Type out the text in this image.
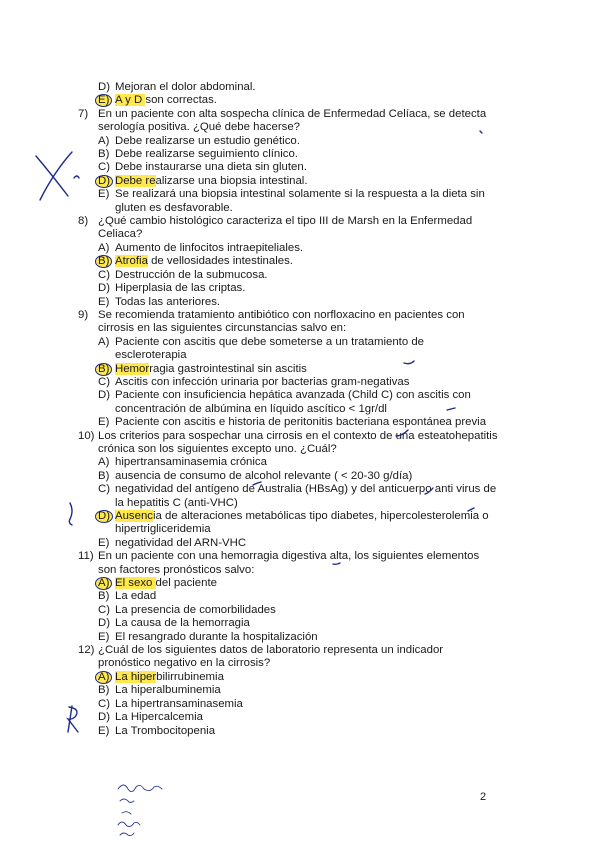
D) Mejoran el dolor abdominal.
E) A y D son correctas.
7) En un paciente con alta sospecha clínica de Enfermedad Celíaca, se detecta serología positiva. ¿Qué debe hacerse?
A) Debe realizarse un estudio genético.
B) Debe realizarse seguimiento clínico.
C) Debe instaurarse una dieta sin gluten.
D) Debe realizarse una biopsia intestinal.
E) Se realizará una biopsia intestinal solamente si la respuesta a la dieta sin gluten es desfavorable.
8) ¿Qué cambio histológico caracteriza el tipo III de Marsh en la Enfermedad Celiaca?
A) Aumento de linfocitos intraepiteliales.
B) Atrofia de vellosidades intestinales.
C) Destrucción de la submucosa.
D) Hiperplasia de las criptas.
E) Todas las anteriores.
9) Se recomienda tratamiento antibiótico con norfloxacino en pacientes con cirrosis en las siguientes circunstancias salvo en:
A) Paciente con ascitis que debe someterse a un tratamiento de escleroterapia
B) Hemorragia gastrointestinal sin ascitis
C) Ascitis con infección urinaria por bacterias gram-negativas
D) Paciente con insuficiencia hepática avanzada (Child C) con ascitis con concentración de albúmina en líquido ascítico < 1gr/dl
E) Paciente con ascitis e historia de peritonitis bacteriana espontánea previa
10) Los criterios para sospechar una cirrosis en el contexto de una esteatohepatitis crónica son los siguientes excepto uno. ¿Cuál?
A) hipertransaminasemia crónica
B) ausencia de consumo de alcohol relevante ( < 20-30 g/día)
C) negatividad del antígeno de Australia (HBsAg) y del anticuerpo anti virus de la hepatitis C (anti-VHC)
D) Ausencia de alteraciones metabólicas tipo diabetes, hipercolesterolemia o hipertrigliceridemia
E) negatividad del ARN-VHC
11) En un paciente con una hemorragia digestiva alta, los siguientes elementos son factores pronósticos salvo:
A) El sexo del paciente
B) La edad
C) La presencia de comorbilidades
D) La causa de la hemorragia
E) El resangrado durante la hospitalización
12) ¿Cuál de los siguientes datos de laboratorio representa un indicador pronóstico negativo en la cirrosis?
A) La hiperbilirrubinemia
B) La hiperalbuminemia
C) La hipertransaminasemia
D) La Hipercalcemia
E) La Trombocitopenia
2
